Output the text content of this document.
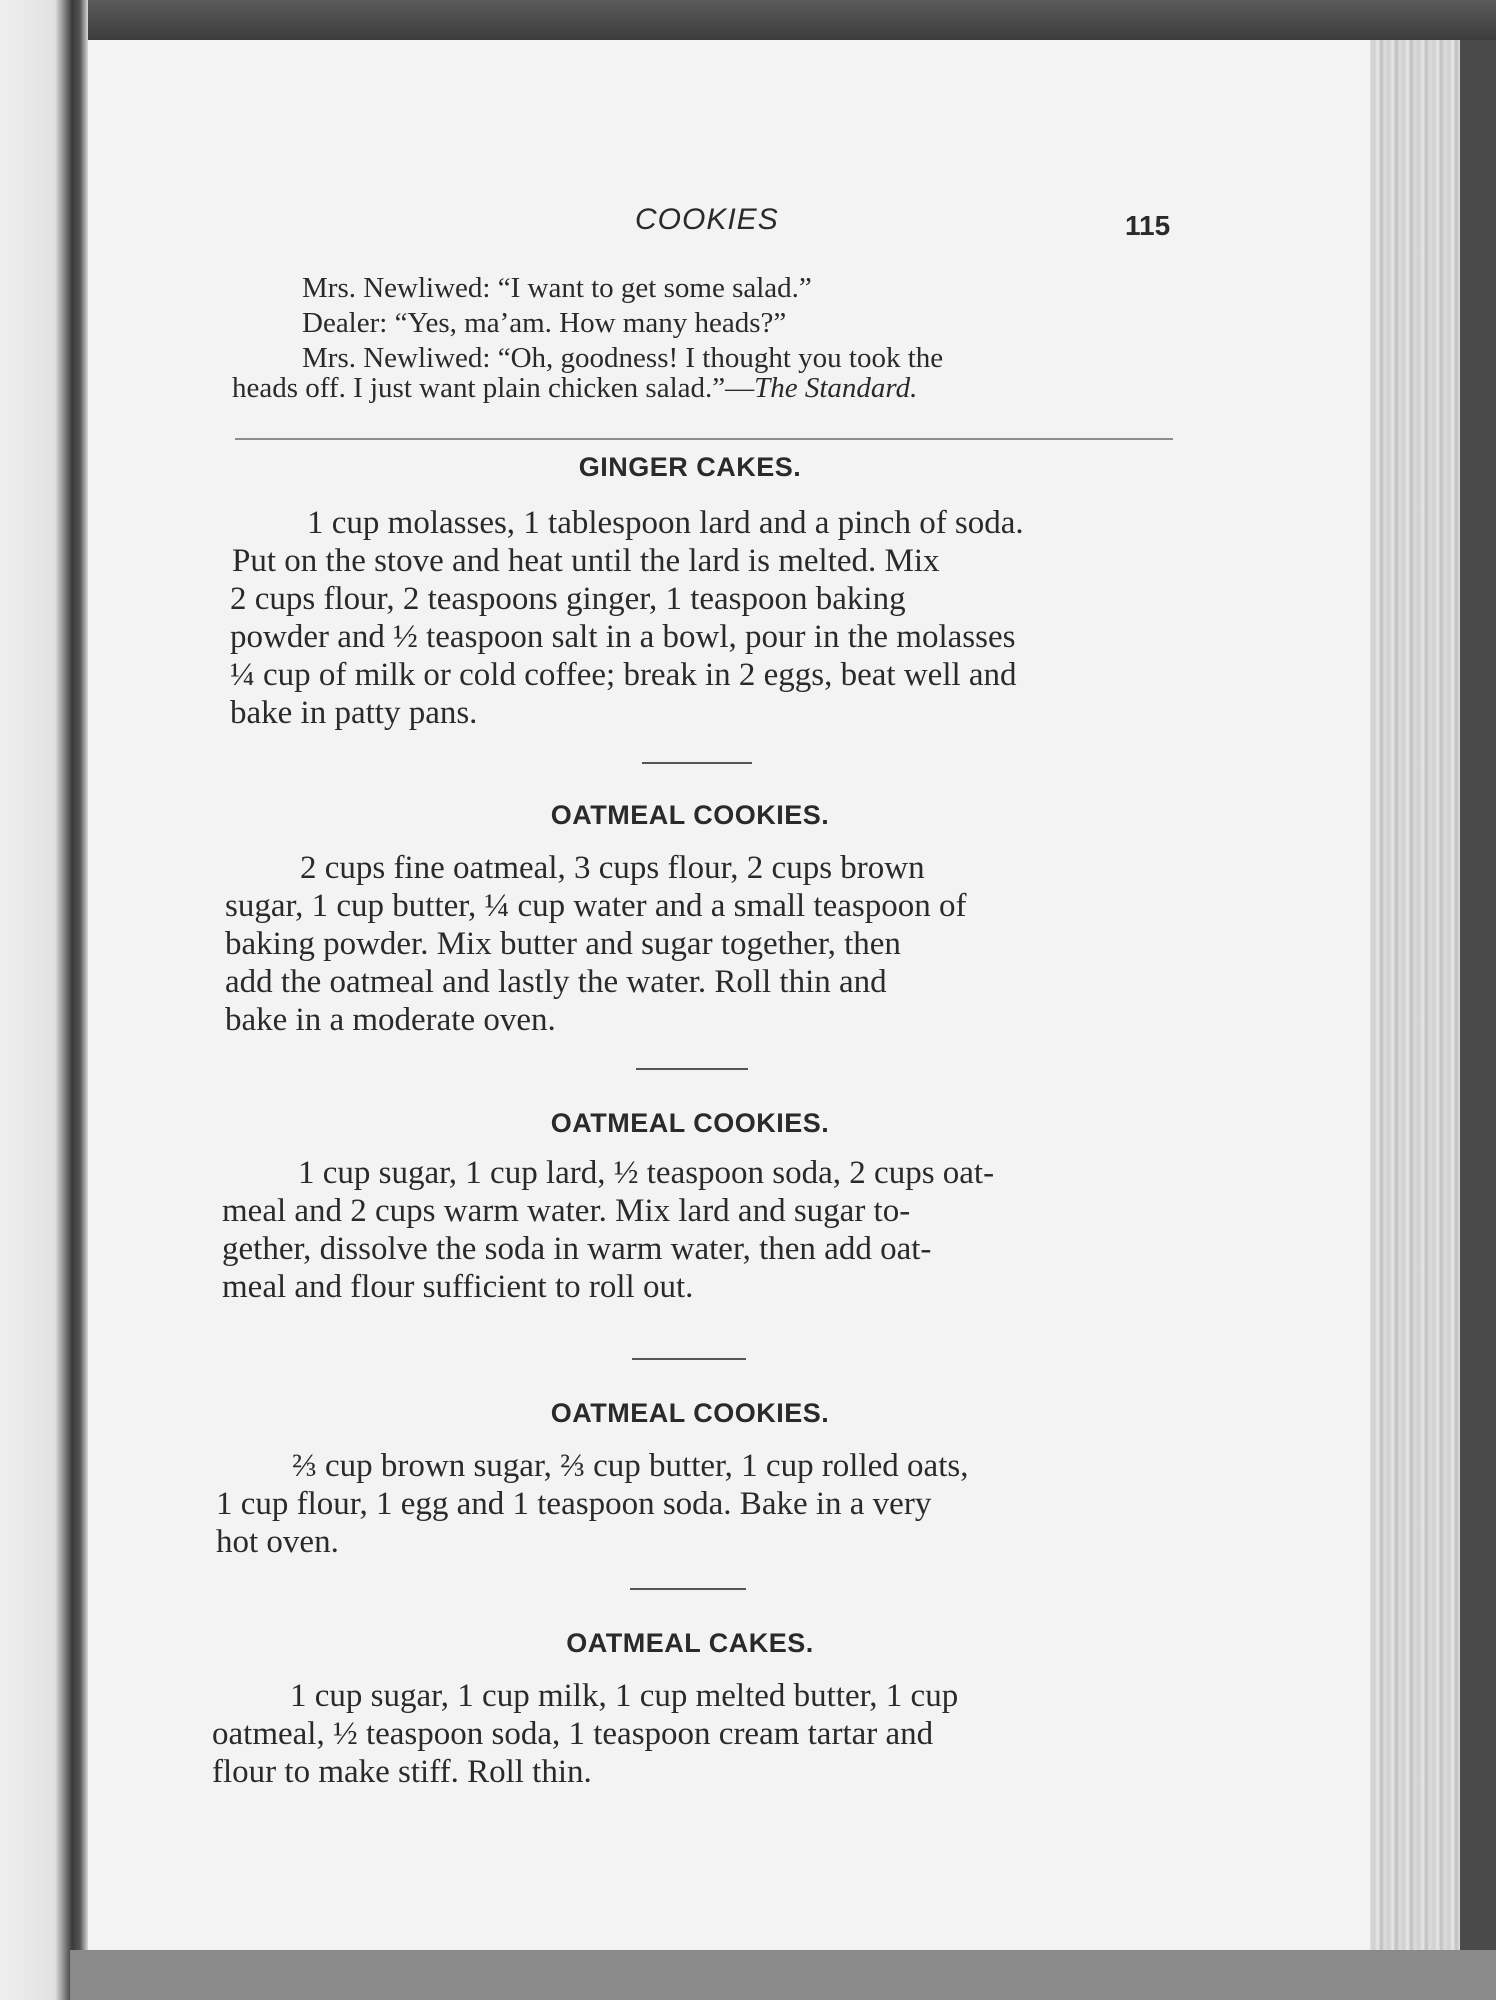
COOKIES	115
Mrs. Newliwed: “I want to get some salad.”
Dealer: “Yes, ma’am. How many heads?”
Mrs. Newliwed: “Oh, goodness! I thought you took the
heads off. I just want plain chicken salad.”—The Standard.
GINGER CAKES.
1 cup molasses, 1 tablespoon lard and a pinch of soda.
Put on the stove and heat until the lard is melted. Mix
2 cups flour, 2 teaspoons ginger, 1 teaspoon baking
powder and ½ teaspoon salt in a bowl, pour in the molasses
¼ cup of milk or cold coffee; break in 2 eggs, beat well and
bake in patty pans.
OATMEAL COOKIES.
2 cups fine oatmeal, 3 cups flour, 2 cups brown
sugar, 1 cup butter, ¼ cup water and a small teaspoon of
baking powder. Mix butter and sugar together, then
add the oatmeal and lastly the water. Roll thin and
bake in a moderate oven.
OATMEAL COOKIES.
1 cup sugar, 1 cup lard, ½ teaspoon soda, 2 cups oat-
meal and 2 cups warm water. Mix lard and sugar to-
gether, dissolve the soda in warm water, then add oat-
meal and flour sufficient to roll out.
OATMEAL COOKIES.
⅔ cup brown sugar, ⅔ cup butter, 1 cup rolled oats,
1 cup flour, 1 egg and 1 teaspoon soda. Bake in a very
hot oven.
OATMEAL CAKES.
1 cup sugar, 1 cup milk, 1 cup melted butter, 1 cup
oatmeal, ½ teaspoon soda, 1 teaspoon cream tartar and
flour to make stiff. Roll thin.
